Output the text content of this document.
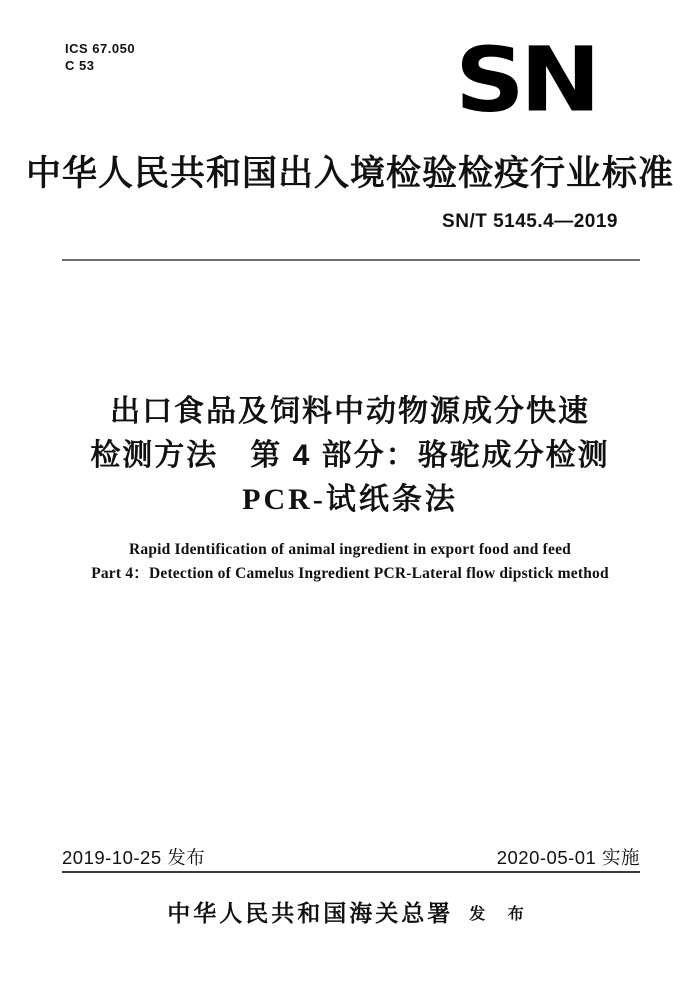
ICS 67.050
C 53	SN
中华人民共和国出入境检验检疫行业标准
SN/T 5145.4—2019
出口食品及饲料中动物源成分快速
检测方法　第 4 部分：骆驼成分检测
PCR-试纸条法
Rapid Identification of animal ingredient in export food and feed
Part 4：Detection of Camelus Ingredient PCR-Lateral flow dipstick method
2019-10-25 发布	2020-05-01 实施
中华人民共和国海关总署 发 布
